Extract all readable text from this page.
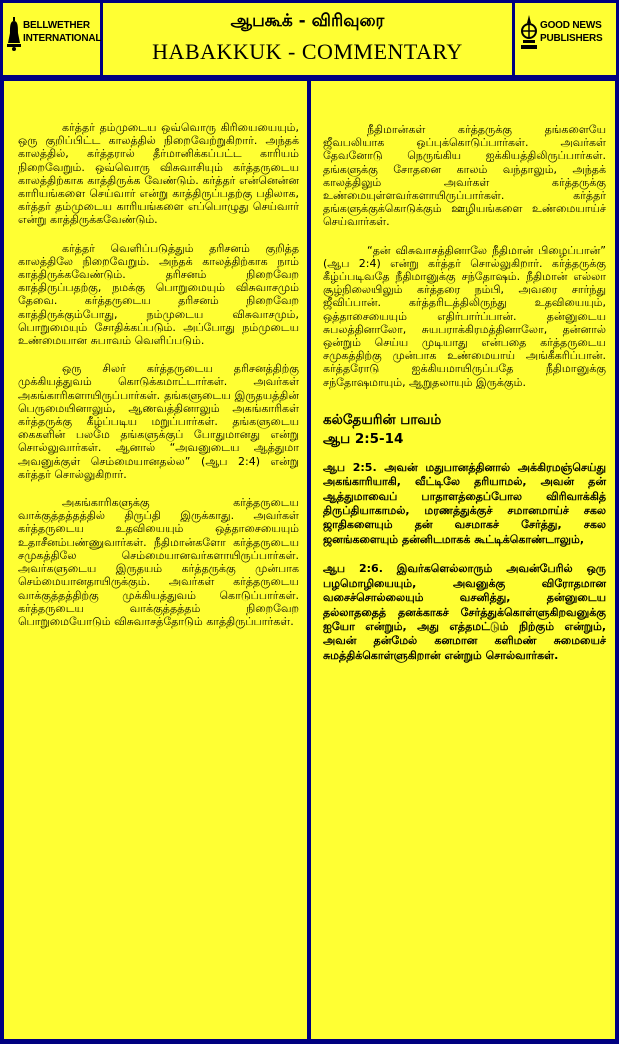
BELLWETHER
INTERNATIONAL
ஆபகூக் - விரிவுரை
HABAKKUK - COMMENTARY
GOOD NEWS
PUBLISHERS

கர்த்தர் தம்முடைய ஒவ்வொரு கிரியையையும், ஒரு குறிப்பிட்ட காலத்தில் நிறைவேற்றுகிறார். அந்தக் காலத்தில், கர்த்தரால் தீர்மானிக்கப்பட்ட காரியம் நிறைவேறும். ஒவ்வொரு விசுவாசியும் கர்த்தருடைய காலத்திற்காக காத்திருக்க வேண்டும். கர்த்தர் என்னென்ன காரியங்களை செய்வார் என்று காத்திருப்பதற்கு பதிலாக, கர்த்தர் தம்முடைய காரியங்களை எப்பொழுது செய்வார் என்று காத்திருக்கவேண்டும்.

கர்த்தர் வெளிப்படுத்தும் தரிசனம் குறித்த காலத்திலே நிறைவேறும். அந்தக் காலத்திற்காக நாம் காத்திருக்கவேண்டும். தரிசனம் நிறைவேற காத்திருப்பதற்கு, நமக்கு பொறுமையும் விசுவாசமும் தேவை. கர்த்தருடைய தரிசனம் நிறைவேற காத்திருக்கும்போது, நம்முடைய விசுவாசமும், பொறுமையும் சோதிக்கப்படும். அப்போது நம்முடைய உண்மையான சுபாவம் வெளிப்படும்.

ஒரு சிலர் கர்த்தருடைய தரிசனத்திற்கு முக்கியத்துவம் கொடுக்கமாட்டார்கள். அவர்கள் அகங்காரிகளாயிருப்பார்கள். தங்களுடைய இருதயத்தின் பெருமையினாலும், ஆணவத்தினாலும் அகங்காரிகள் கர்த்தருக்கு கீழ்ப்படிய மறுப்பார்கள். தங்களுடைய கைகளின் பலமே தங்களுக்குப் போதுமானது என்று சொல்லுவார்கள். ஆனால் “அவனுடைய ஆத்துமா அவனுக்குள் செம்மையானதல்ல” (ஆப 2:4) என்று கர்த்தர் சொல்லுகிறார்.

அகங்காரிகளுக்கு கர்த்தருடைய வாக்குத்தத்தத்தில் திருப்தி இருக்காது. அவர்கள் கர்த்தருடைய உதவியையும் ஒத்தாசையையும் உதாசீனம்பண்ணுவார்கள். நீதிமான்களோ கர்த்தருடைய சமுகத்திலே செம்மையானவர்களாயிருப்பார்கள். அவர்களுடைய இருதயம் கர்த்தருக்கு முன்பாக செம்மையானதாயிருக்கும். அவர்கள் கர்த்தருடைய வாக்குத்தத்திற்கு முக்கியத்துவம் கொடுப்பார்கள். கர்த்தருடைய வாக்குத்தத்தம் நிறைவேற பொறுமையோடும் விசுவாசத்தோடும் காத்திருப்பார்கள்.

நீதிமான்கள் கர்த்தருக்கு தங்களையே ஜீவபலியாக ஒப்புக்கொடுப்பார்கள். அவர்கள் தேவனோடு நெருங்கிய ஐக்கியத்திலிருப்பார்கள். தங்களுக்கு சோதனை காலம் வந்தாலும், அந்தக் காலத்திலும் அவர்கள் கர்த்தருக்கு உண்மையுள்ளவர்களாயிருப்பார்கள். கர்த்தர் தங்களுக்குக்கொடுக்கும் ஊழியங்களை உண்மையாய்ச் செய்வார்கள்.

“தன் விசுவாசத்தினாலே நீதிமான் பிழைப்பான்” (ஆப 2:4) என்று கர்த்தர் சொல்லுகிறார். கர்த்தருக்கு கீழ்ப்படிவதே நீதிமானுக்கு சந்தோஷம். நீதிமான் எல்லா சூழ்நிலையிலும் கர்த்தரை நம்பி, அவரை சார்ந்து ஜீவிப்பான். கர்த்தரிடத்திலிருந்து உதவியையும், ஒத்தாசையையும் எதிர்பார்ப்பான். தன்னுடைய சுபலத்தினாலோ, சுயபராக்கிரமத்தினாலோ, தன்னால் ஒன்றும் செய்ய முடியாது என்பதை கர்த்தருடைய சமுகத்திற்கு முன்பாக உண்மையாய் அங்கீகரிப்பான். கர்த்தரோடு ஐக்கியமாயிருப்பதே நீதிமானுக்கு சந்தோஷமாயும், ஆறுதலாயும் இருக்கும்.

கல்தேயரின் பாவம்
ஆப 2:5-14

ஆப 2:5. அவன் மதுபானத்தினால் அக்கிரமஞ்செய்து அகங்காரியாகி, வீட்டிலே தரியாமல், அவன் தன் ஆத்துமாவைப் பாதாளத்தைப்போல விரிவாக்கித் திருப்தியாகாமல், மரணத்துக்குச் சமானமாய்ச் சகல ஜாதிகளையும் தன் வசமாகச் சேர்த்து, சகல ஜனங்களையும் தன்னிடமாகக் கூட்டிக்கொண்டாலும்,

ஆப 2:6. இவர்களெல்லாரும் அவன்பேரில் ஒரு பழமொழியையும், அவனுக்கு விரோதமான வசைச்சொல்லையும் வசனித்து, தன்னுடைய தல்லாததைத் தனக்காகச் சேர்த்துக்கொள்ளுகிறவனுக்கு ஐயோ என்றும், அது எத்தமட்டும் நிற்கும் என்றும், அவன் தன்மேல் கனமான களிமண் சுமையைச் சுமத்திக்கொள்ளுகிறான் என்றும் சொல்வார்கள்.
